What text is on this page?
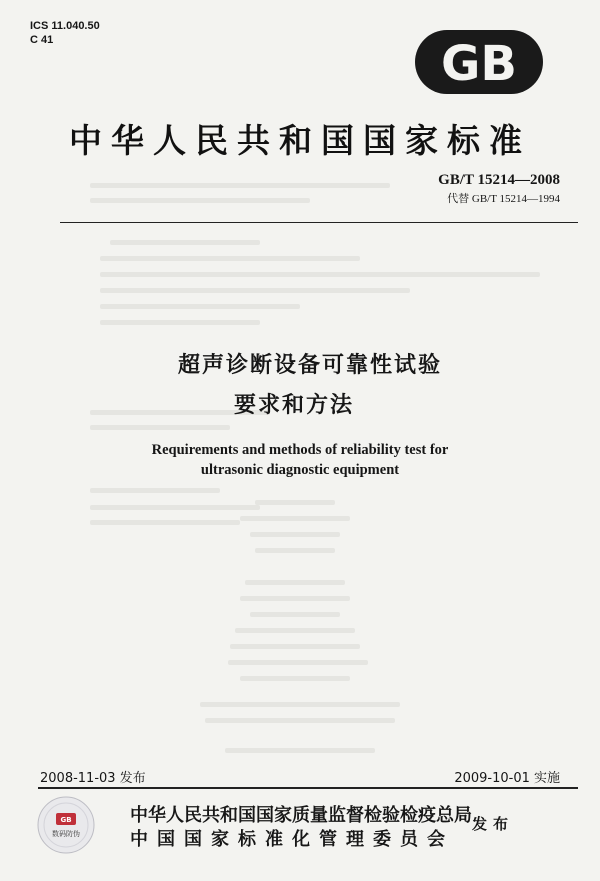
ICS 11.040.50
C 41	GB
中华人民共和国国家标准
GB/T 15214—2008
代替 GB/T 15214—1994
超声诊断设备可靠性试验
要求和方法
Requirements and methods of reliability test for
ultrasonic diagnostic equipment
2008-11-03 发布	2009-10-01 实施
GB
数码防伪
中华人民共和国国家质量监督检验检疫总局
中国国家标准化管理委员会
发布
